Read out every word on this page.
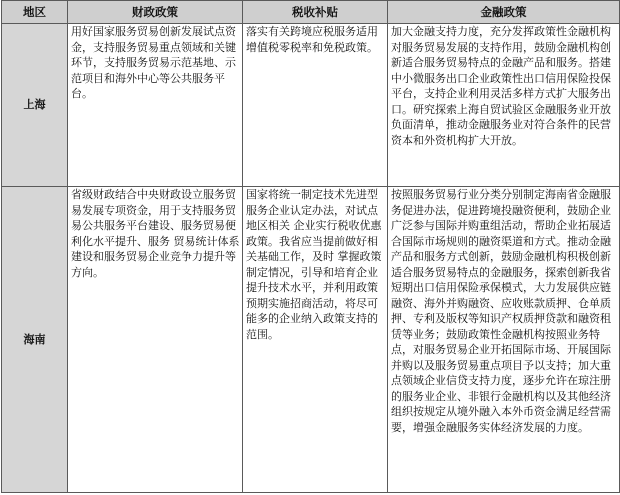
地区	财政政策	税收补贴	金融政策
上海	用好国家服务贸易创新发展试点资金，支持服务贸易重点领域和关键环节，支持服务贸易示范基地、示范项目和海外中心等公共服务平台。	落实有关跨境应税服务适用增值税零税率和免税政策。	加大金融支持力度，充分发挥政策性金融机构对服务贸易发展的支持作用，鼓励金融机构创新适合服务贸易特点的金融产品和服务。搭建中小微服务出口企业政策性出口信用保险投保平台，支持企业利用灵活多样方式扩大服务出口。研究探索上海自贸试验区金融服务业开放负面清单，推动金融服务业对符合条件的民营资本和外资机构扩大开放。

海南	省级财政结合中央财政设立服务贸易发展专项资金，用于支持服务贸易公共服务平台建设、服务贸易便利化水平提升、服务 贸易统计体系建设和服务贸易企业竞争力提升等方向。	国家将统一制定技术先进型服务企业认定办法，对试点地区相关 企业实行税收优惠政策。我省应当提前做好相关基础工作，及时 掌握政策制定情况，引导和培育企业提升技术水平，并利用政策 预期实施招商活动，将尽可能多的企业纳入政策支持的范围。	按照服务贸易行业分类分别制定海南省金融服务促进办法，促进跨境投融资便利，鼓励企业广泛参与国际并购重组活动，帮助企业拓展适合国际市场规则的融资渠道和方式。推动金融产品和服务方式创新，鼓励金融机构积极创新适合服务贸易特点的金融服务，探索创新我省短期出口信用保险承保模式，大力发展供应链融资、海外并购融资、应收账款质押、仓单质押、专利及版权等知识产权质押贷款和融资租赁等业务；鼓励政策性金融机构按照业务特点，对服务贸易企业开拓国际市场、开展国际并购以及服务贸易重点项目予以支持；加大重点领域企业信贷支持力度，逐步允许在琼注册的服务业企业、非银行金融机构以及其他经济组织按规定从境外融入本外币资金满足经营需要，增强金融服务实体经济发展的力度。
